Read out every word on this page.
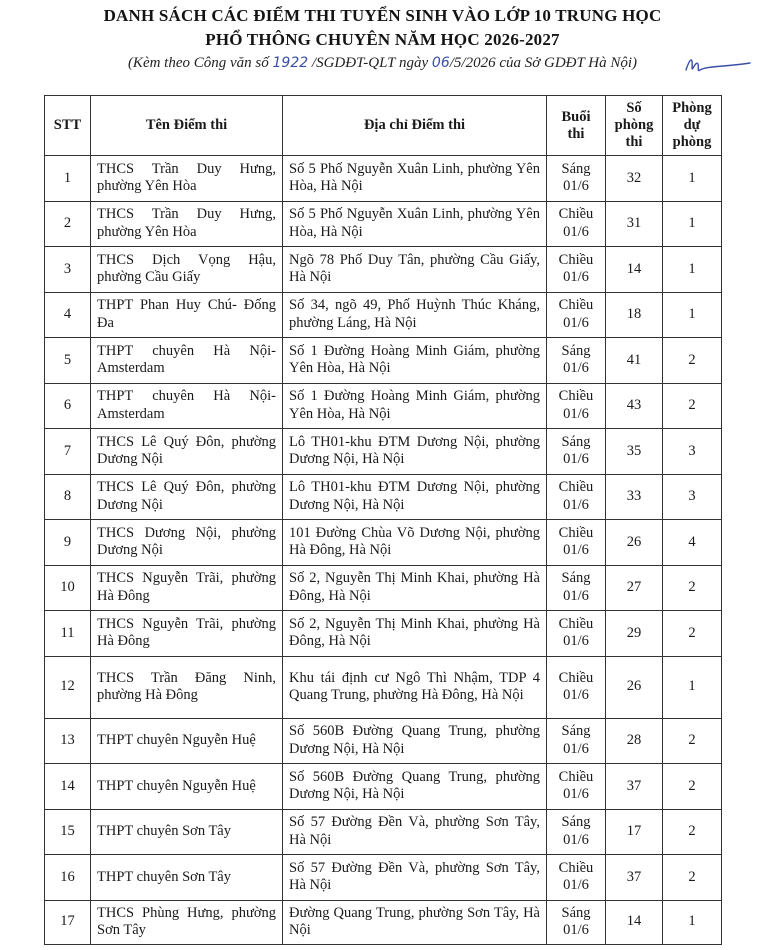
DANH SÁCH CÁC ĐIỂM THI TUYỂN SINH VÀO LỚP 10 TRUNG HỌC
PHỔ THÔNG CHUYÊN NĂM HỌC 2026-2027
(Kèm theo Công văn số 1922 /SGDĐT-QLT ngày 06/5/2026 của Sở GDĐT Hà Nội)
STT	Tên Điểm thi	Địa chỉ Điểm thi	Buổi thi	Số phòng thi	Phòng dự phòng
1	THCS Trần Duy Hưng, phường Yên Hòa	Số 5 Phố Nguyễn Xuân Linh, phường Yên Hòa, Hà Nội	Sáng 01/6	32	1
2	THCS Trần Duy Hưng, phường Yên Hòa	Số 5 Phố Nguyễn Xuân Linh, phường Yên Hòa, Hà Nội	Chiều 01/6	31	1
3	THCS Dịch Vọng Hậu, phường Cầu Giấy	Ngõ 78 Phố Duy Tân, phường Cầu Giấy, Hà Nội	Chiều 01/6	14	1
4	THPT Phan Huy Chú- Đống Đa	Số 34, ngõ 49, Phố Huỳnh Thúc Kháng, phường Láng, Hà Nội	Chiều 01/6	18	1
5	THPT chuyên Hà Nội- Amsterdam	Số 1 Đường Hoàng Minh Giám, phường Yên Hòa, Hà Nội	Sáng 01/6	41	2
6	THPT chuyên Hà Nội- Amsterdam	Số 1 Đường Hoàng Minh Giám, phường Yên Hòa, Hà Nội	Chiều 01/6	43	2
7	THCS Lê Quý Đôn, phường Dương Nội	Lô TH01-khu ĐTM Dương Nội, phường Dương Nội, Hà Nội	Sáng 01/6	35	3
8	THCS Lê Quý Đôn, phường Dương Nội	Lô TH01-khu ĐTM Dương Nội, phường Dương Nội, Hà Nội	Chiều 01/6	33	3
9	THCS Dương Nội, phường Dương Nội	101 Đường Chùa Võ Dương Nội, phường Hà Đông, Hà Nội	Chiều 01/6	26	4
10	THCS Nguyễn Trãi, phường Hà Đông	Số 2, Nguyễn Thị Minh Khai, phường Hà Đông, Hà Nội	Sáng 01/6	27	2
11	THCS Nguyễn Trãi, phường Hà Đông	Số 2, Nguyễn Thị Minh Khai, phường Hà Đông, Hà Nội	Chiều 01/6	29	2
12	THCS Trần Đăng Ninh, phường Hà Đông	Khu tái định cư Ngô Thì Nhậm, TDP 4 Quang Trung, phường Hà Đông, Hà Nội	Chiều 01/6	26	1
13	THPT chuyên Nguyễn Huệ	Số 560B Đường Quang Trung, phường Dương Nội, Hà Nội	Sáng 01/6	28	2
14	THPT chuyên Nguyễn Huệ	Số 560B Đường Quang Trung, phường Dương Nội, Hà Nội	Chiều 01/6	37	2
15	THPT chuyên Sơn Tây	Số 57 Đường Đền Và, phường Sơn Tây, Hà Nội	Sáng 01/6	17	2
16	THPT chuyên Sơn Tây	Số 57 Đường Đền Và, phường Sơn Tây, Hà Nội	Chiều 01/6	37	2
17	THCS Phùng Hưng, phường Sơn Tây	Đường Quang Trung, phường Sơn Tây, Hà Nội	Sáng 01/6	14	1
